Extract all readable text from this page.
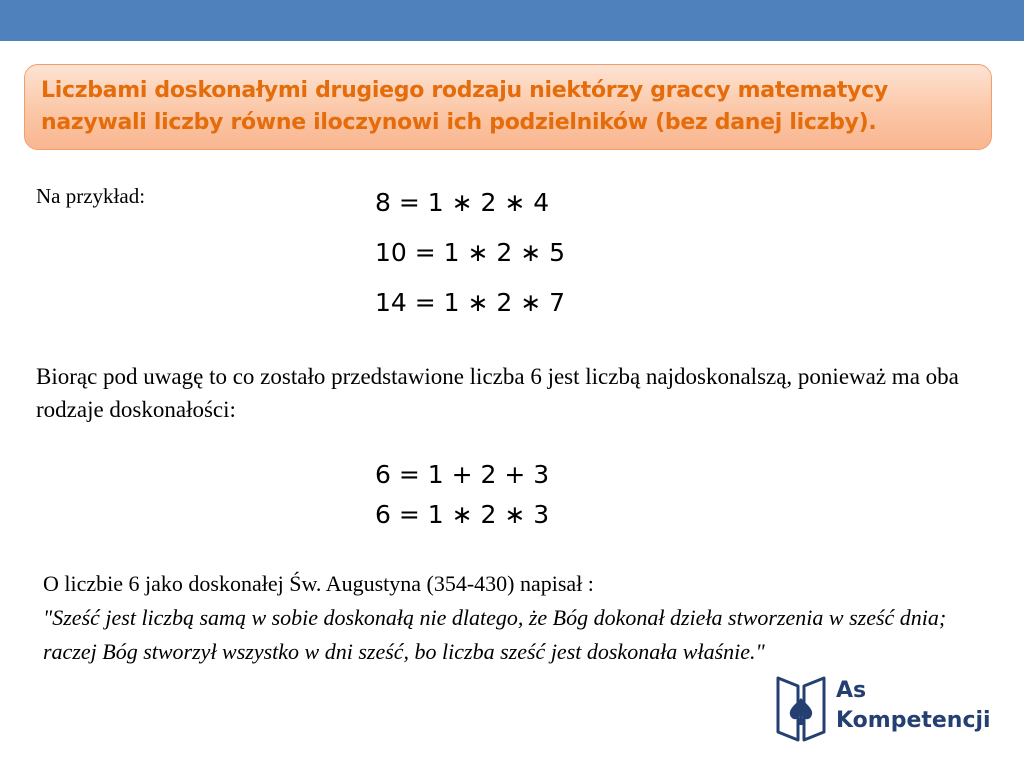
Liczbami doskonałymi drugiego rodzaju niektórzy graccy matematycy nazywali liczby równe iloczynowi ich podzielników (bez danej liczby).
Na przykład:	8 = 1 ∗ 2 ∗ 4
10 = 1 ∗ 2 ∗ 5
14 = 1 ∗ 2 ∗ 7
Biorąc pod uwagę to co zostało przedstawione liczba 6 jest liczbą najdoskonalszą, ponieważ ma oba rodzaje doskonałości:
6 = 1 + 2 + 3
6 = 1 ∗ 2 ∗ 3
O liczbie 6 jako doskonałej Św. Augustyna (354-430) napisał :
"Sześć jest liczbą samą w sobie doskonałą nie dlatego, że Bóg dokonał dzieła stworzenia w sześć dnia; raczej Bóg stworzył wszystko w dni sześć, bo liczba sześć jest doskonała właśnie."
As
Kompetencji
